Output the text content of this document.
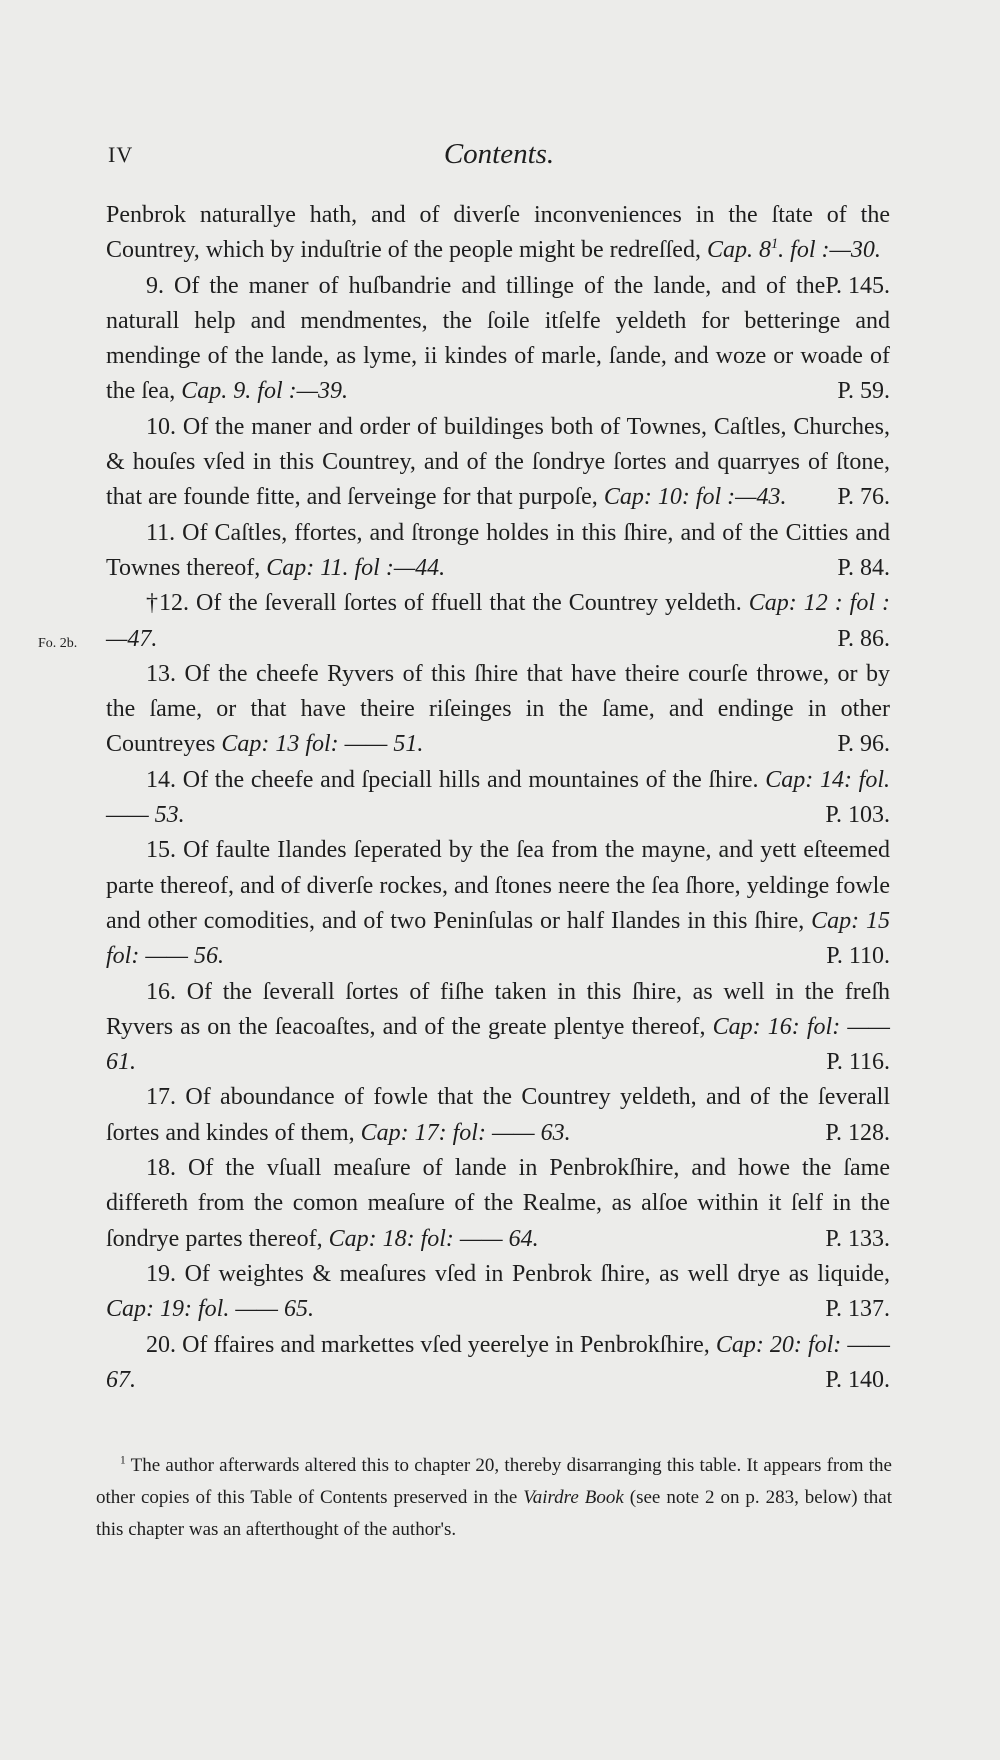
IV	Contents.
Fo. 2b.
Penbrok naturallye hath, and of diverſe inconveniences in the ſtate of the Countrey, which by induſtrie of the people might be redreſſed, Cap. $8^1$. fol :—30.
P. 145.
9. Of the maner of huſbandrie and tillinge of the lande, and of the naturall help and mendmentes, the ſoile itſelfe yeldeth for betteringe and mendinge of the lande, as lyme, ii kindes of marle, ſande, and woze or woade of the ſea, Cap. 9. fol :—39.	P. 59.
10. Of the maner and order of buildinges both of Townes, Caſtles, Churches, & houſes vſed in this Countrey, and of the ſondrye ſortes and quarryes of ſtone, that are founde fitte, and ſerveinge for that purpoſe, Cap: 10: fol :—43.	P. 76.
11. Of Caſtles, ffortes, and ſtronge holdes in this ſhire, and of the Citties and Townes thereof, Cap: 11. fol :—44.	P. 84.
†12. Of the ſeverall ſortes of ffuell that the Countrey yeldeth. Cap: 12 : fol :—47.	P. 86.
13. Of the cheefe Ryvers of this ſhire that have theire courſe throwe, or by the ſame, or that have theire riſeinges in the ſame, and endinge in other Countreyes Cap: 13 fol: —— 51.	P. 96.
14. Of the cheefe and ſpeciall hills and mountaines of the ſhire. Cap: 14: fol. —— 53.	P. 103.
15. Of faulte Ilandes ſeperated by the ſea from the mayne, and yett eſteemed parte thereof, and of diverſe rockes, and ſtones neere the ſea ſhore, yeldinge fowle and other comodities, and of two Peninſulas or half Ilandes in this ſhire, Cap: 15 fol: —— 56.	P. 110.
16. Of the ſeverall ſortes of fiſhe taken in this ſhire, as well in the freſh Ryvers as on the ſeacoaſtes, and of the greate plentye thereof, Cap: 16: fol: —— 61.	P. 116.
17. Of aboundance of fowle that the Countrey yeldeth, and of the ſeverall ſortes and kindes of them, Cap: 17: fol: —— 63.	P. 128.
18. Of the vſuall meaſure of lande in Penbrokſhire, and howe the ſame differeth from the comon meaſure of the Realme, as alſoe within it ſelf in the ſondrye partes thereof, Cap: 18: fol: —— 64.	P. 133.
19. Of weightes & meaſures vſed in Penbrok ſhire, as well drye as liquide, Cap: 19: fol. —— 65.	P. 137.
20. Of ffaires and markettes vſed yeerelye in Penbrokſhire, Cap: 20: fol: —— 67.	P. 140.
$^1$ The author afterwards altered this to chapter 20, thereby disarranging this table. It appears from the other copies of this Table of Contents preserved in the Vairdre Book (see note 2 on p. 283, below) that this chapter was an afterthought of the author's.
